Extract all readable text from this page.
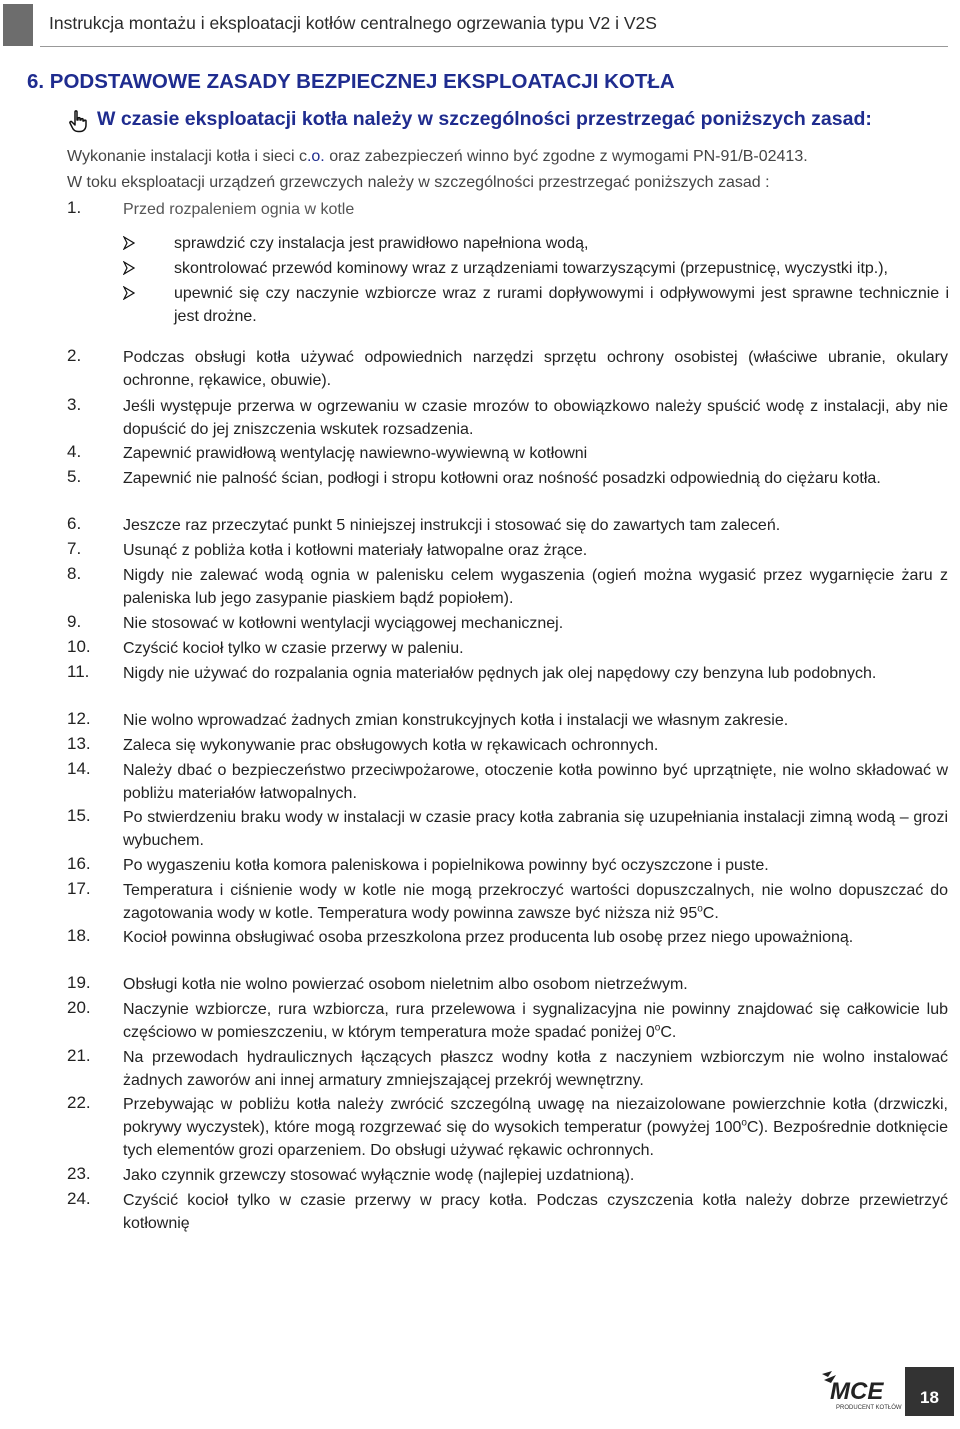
Instrukcja montażu i eksploatacji kotłów centralnego ogrzewania typu V2 i V2S
6. PODSTAWOWE ZASADY BEZPIECZNEJ EKSPLOATACJI KOTŁA
W czasie eksploatacji kotła należy w szczególności przestrzegać poniższych zasad:
Wykonanie instalacji kotła i sieci c.o. oraz zabezpieczeń winno być zgodne z wymogami PN-91/B-02413.
W toku eksploatacji urządzeń grzewczych należy w szczególności przestrzegać poniższych zasad :
1.	Przed rozpaleniem ognia w kotle
sprawdzić czy instalacja jest prawidłowo napełniona wodą,
skontrolować przewód kominowy wraz z urządzeniami towarzyszącymi (przepustnicę, wyczystki itp.),
upewnić się czy naczynie wzbiorcze wraz z rurami dopływowymi i odpływowymi jest sprawne technicznie i jest drożne.
2.	Podczas obsługi kotła używać odpowiednich narzędzi sprzętu ochrony osobistej (właściwe ubranie, okulary ochronne, rękawice, obuwie).
3.	Jeśli występuje przerwa w ogrzewaniu w czasie mrozów to obowiązkowo należy spuścić wodę z instalacji, aby nie dopuścić do jej zniszczenia wskutek rozsadzenia.
4.	Zapewnić prawidłową wentylację nawiewno-wywiewną w kotłowni
5.	Zapewnić nie palność ścian, podłogi i stropu kotłowni oraz nośność posadzki odpowiednią do ciężaru kotła.
6.	Jeszcze raz przeczytać punkt 5 niniejszej instrukcji i stosować się do zawartych tam zaleceń.
7.	Usunąć z pobliża kotła i kotłowni materiały łatwopalne oraz żrące.
8.	Nigdy nie zalewać wodą ognia w palenisku celem wygaszenia (ogień można wygasić przez wygarnięcie żaru z paleniska lub jego zasypanie piaskiem bądź popiołem).
9.	Nie stosować w kotłowni wentylacji wyciągowej mechanicznej.
10. Czyścić kocioł tylko w czasie przerwy w paleniu.
11. Nigdy nie używać do rozpalania ognia materiałów pędnych jak olej napędowy czy benzyna lub podobnych.
12. Nie wolno wprowadzać żadnych zmian konstrukcyjnych kotła i instalacji we własnym zakresie.
13. Zaleca się wykonywanie prac obsługowych kotła w rękawicach ochronnych.
14. Należy dbać o bezpieczeństwo przeciwpożarowe, otoczenie kotła powinno być uprzątnięte, nie wolno składować w pobliżu materiałów łatwopalnych.
15. Po stwierdzeniu braku wody w instalacji w czasie pracy kotła zabrania się uzupełniania instalacji zimną wodą – grozi wybuchem.
16. Po wygaszeniu kotła komora paleniskowa i popielnikowa powinny być oczyszczone i puste.
17. Temperatura i ciśnienie wody w kotle nie mogą przekroczyć wartości dopuszczalnych, nie wolno dopuszczać do zagotowania wody w kotle. Temperatura wody powinna zawsze być niższa niż 95$^o$C.
18. Kocioł powinna obsługiwać osoba przeszkolona przez producenta lub osobę przez niego upoważnioną.
19. Obsługi kotła nie wolno powierzać osobom nieletnim albo osobom nietrzeźwym.
20. Naczynie wzbiorcze, rura wzbiorcza, rura przelewowa i sygnalizacyjna nie powinny znajdować się całkowicie lub częściowo w pomieszczeniu, w którym temperatura może spadać poniżej 0$^o$C.
21. Na przewodach hydraulicznych łączących płaszcz wodny kotła z naczyniem wzbiorczym nie wolno instalować żadnych zaworów ani innej armatury zmniejszającej przekrój wewnętrzny.
22. Przebywając w pobliżu kotła należy zwrócić szczególną uwagę na niezaizolowane powierzchnie kotła (drzwiczki, pokrywy wyczystek), które mogą rozgrzewać się do wysokich temperatur (powyżej 100$^o$C). Bezpośrednie dotknięcie tych elementów grozi oparzeniem. Do obsługi używać rękawic ochronnych.
23. Jako czynnik grzewczy stosować wyłącznie wodę (najlepiej uzdatnioną).
24. Czyścić kocioł tylko w czasie przerwy w pracy kotła. Podczas czyszczenia kotła należy dobrze przewietrzyć kotłownię
MCE
PRODUCENT KOTŁÓW
18
